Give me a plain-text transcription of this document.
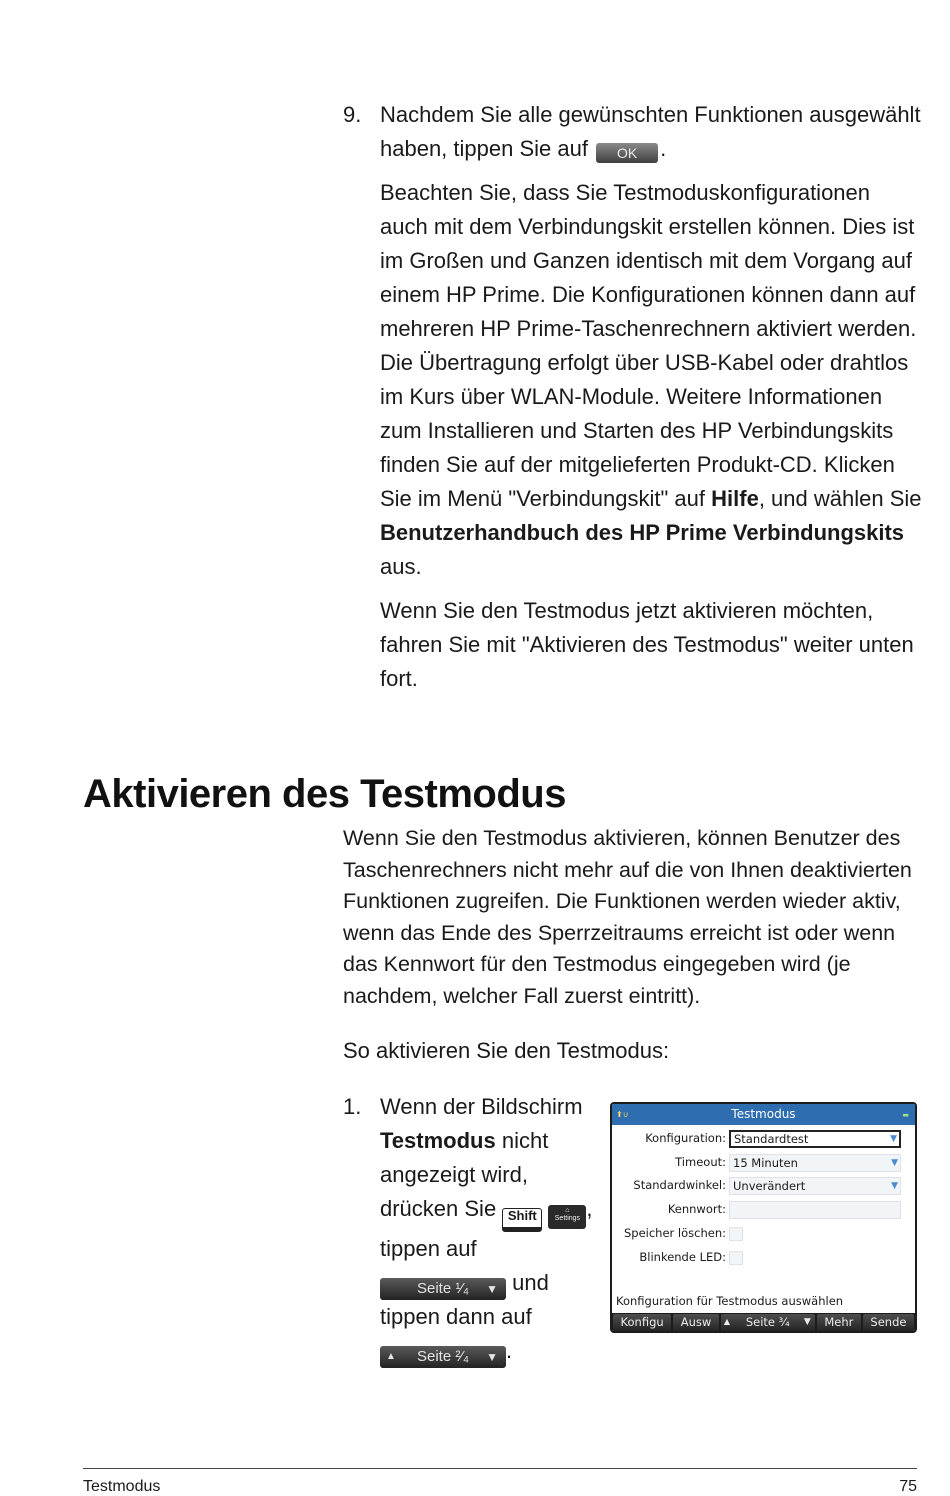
9. Nachdem Sie alle gewünschten Funktionen ausgewählt haben, tippen Sie auf OK .

Beachten Sie, dass Sie Testmoduskonfigurationen auch mit dem Verbindungskit erstellen können. Dies ist im Großen und Ganzen identisch mit dem Vorgang auf einem HP Prime. Die Konfigurationen können dann auf mehreren HP Prime-Taschenrechnern aktiviert werden. Die Übertragung erfolgt über USB-Kabel oder drahtlos im Kurs über WLAN-Module. Weitere Informationen zum Installieren und Starten des HP Verbindungskits finden Sie auf der mitgelieferten Produkt-CD. Klicken Sie im Menü "Verbindungskit" auf Hilfe, und wählen Sie Benutzerhandbuch des HP Prime Verbindungskits aus.

Wenn Sie den Testmodus jetzt aktivieren möchten, fahren Sie mit "Aktivieren des Testmodus" weiter unten fort.

Aktivieren des Testmodus

Wenn Sie den Testmodus aktivieren, können Benutzer des Taschenrechners nicht mehr auf die von Ihnen deaktivierten Funktionen zugreifen. Die Funktionen werden wieder aktiv, wenn das Ende des Sperrzeitraums erreicht ist oder wenn das Kennwort für den Testmodus eingegeben wird (je nachdem, welcher Fall zuerst eintritt).

So aktivieren Sie den Testmodus:

1. Wenn der Bildschirm Testmodus nicht angezeigt wird, drücken Sie Shift	⌂
Settings , tippen auf Seite ¹⁄₄ ▼ und tippen dann auf
▲ Seite ²⁄₄ ▼ .
⬆∪	Testmodus	▬
Konfiguration: Standardtest	▼
Timeout: 15 Minuten	▼
Standardwinkel: Unverändert	▼
Kennwort:
Speicher löschen:
Blinkende LED:
Konfiguration für Testmodus auswählen
Konfigu	Ausw	▲ Seite ³⁄₄ ▼	Mehr	Sende
Testmodus	75
